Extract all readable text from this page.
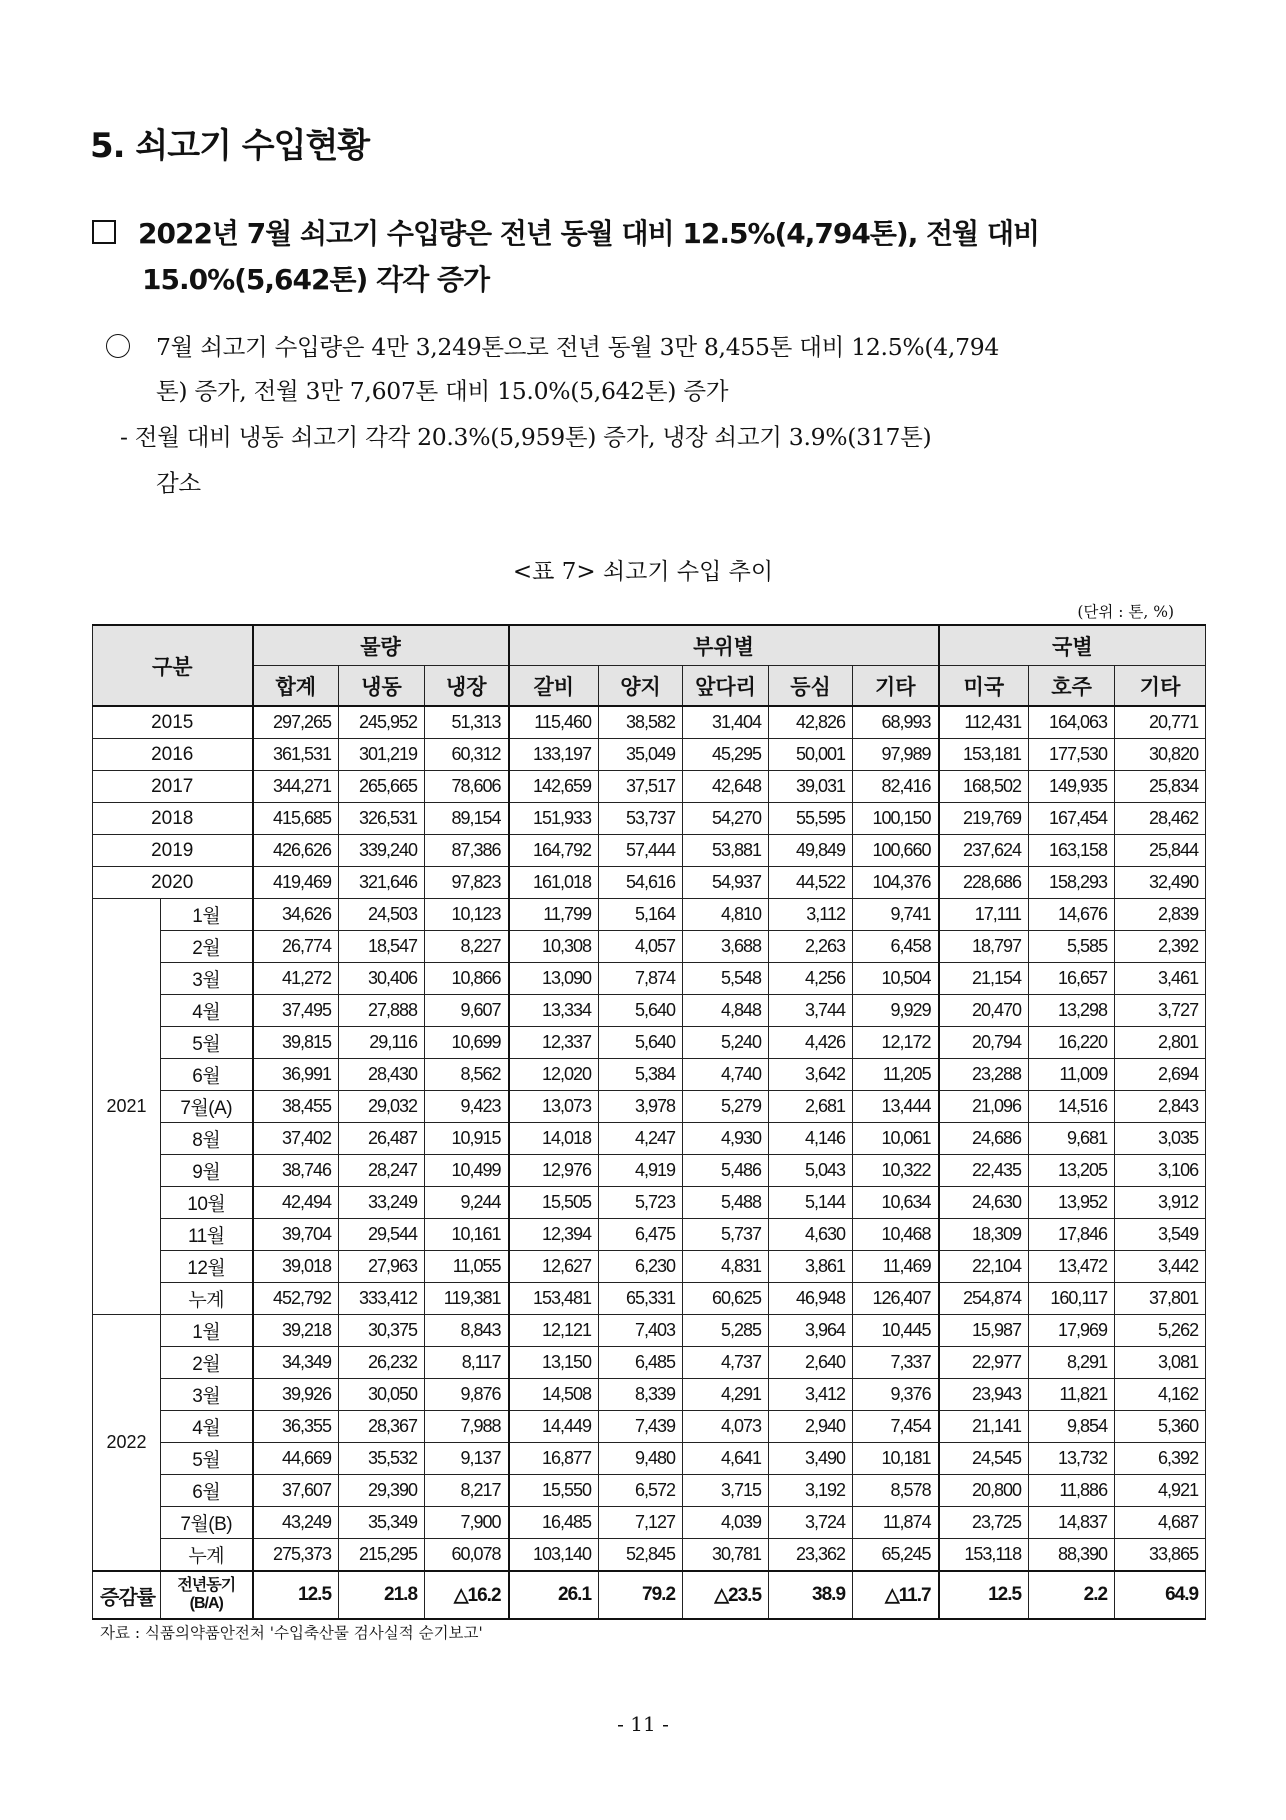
5. 쇠고기 수입현황
2022년 7월 쇠고기 수입량은 전년 동월 대비 12.5%(4,794톤), 전월 대비
15.0%(5,642톤) 각각 증가
7월 쇠고기 수입량은 4만 3,249톤으로 전년 동월 3만 8,455톤 대비 12.5%(4,794
톤) 증가, 전월 3만 7,607톤 대비 15.0%(5,642톤) 증가
- 전월 대비 냉동 쇠고기 각각 20.3%(5,959톤) 증가, 냉장 쇠고기 3.9%(317톤)
감소
<표 7> 쇠고기 수입 추이
(단위 : 톤, %)
구분		물량			부위별					국별		
		합계	냉동	냉장	갈비	양지	앞다리	등심	기타	미국	호주	기타
2015		297,265	245,952	51,313	115,460	38,582	31,404	42,826	68,993	112,431	164,063	20,771
2016		361,531	301,219	60,312	133,197	35,049	45,295	50,001	97,989	153,181	177,530	30,820
2017		344,271	265,665	78,606	142,659	37,517	42,648	39,031	82,416	168,502	149,935	25,834
2018		415,685	326,531	89,154	151,933	53,737	54,270	55,595	100,150	219,769	167,454	28,462
2019		426,626	339,240	87,386	164,792	57,444	53,881	49,849	100,660	237,624	163,158	25,844
2020		419,469	321,646	97,823	161,018	54,616	54,937	44,522	104,376	228,686	158,293	32,490
2021	1월	34,626	24,503	10,123	11,799	5,164	4,810	3,112	9,741	17,111	14,676	2,839
	2월	26,774	18,547	8,227	10,308	4,057	3,688	2,263	6,458	18,797	5,585	2,392
	3월	41,272	30,406	10,866	13,090	7,874	5,548	4,256	10,504	21,154	16,657	3,461
	4월	37,495	27,888	9,607	13,334	5,640	4,848	3,744	9,929	20,470	13,298	3,727
	5월	39,815	29,116	10,699	12,337	5,640	5,240	4,426	12,172	20,794	16,220	2,801
	6월	36,991	28,430	8,562	12,020	5,384	4,740	3,642	11,205	23,288	11,009	2,694
	7월(A)	38,455	29,032	9,423	13,073	3,978	5,279	2,681	13,444	21,096	14,516	2,843
	8월	37,402	26,487	10,915	14,018	4,247	4,930	4,146	10,061	24,686	9,681	3,035
	9월	38,746	28,247	10,499	12,976	4,919	5,486	5,043	10,322	22,435	13,205	3,106
	10월	42,494	33,249	9,244	15,505	5,723	5,488	5,144	10,634	24,630	13,952	3,912
	11월	39,704	29,544	10,161	12,394	6,475	5,737	4,630	10,468	18,309	17,846	3,549
	12월	39,018	27,963	11,055	12,627	6,230	4,831	3,861	11,469	22,104	13,472	3,442
	누계	452,792	333,412	119,381	153,481	65,331	60,625	46,948	126,407	254,874	160,117	37,801
2022	1월	39,218	30,375	8,843	12,121	7,403	5,285	3,964	10,445	15,987	17,969	5,262
	2월	34,349	26,232	8,117	13,150	6,485	4,737	2,640	7,337	22,977	8,291	3,081
	3월	39,926	30,050	9,876	14,508	8,339	4,291	3,412	9,376	23,943	11,821	4,162
	4월	36,355	28,367	7,988	14,449	7,439	4,073	2,940	7,454	21,141	9,854	5,360
	5월	44,669	35,532	9,137	16,877	9,480	4,641	3,490	10,181	24,545	13,732	6,392
	6월	37,607	29,390	8,217	15,550	6,572	3,715	3,192	8,578	20,800	11,886	4,921
	7월(B)	43,249	35,349	7,900	16,485	7,127	4,039	3,724	11,874	23,725	14,837	4,687
	누계	275,373	215,295	60,078	103,140	52,845	30,781	23,362	65,245	153,118	88,390	33,865
증감률	전년동기
(B/A)	12.5	21.8	△16.2	26.1	79.2	△23.5	38.9	△11.7	12.5	2.2	64.9
자료 : 식품의약품안전처 '수입축산물 검사실적 순기보고'
- 11 -
